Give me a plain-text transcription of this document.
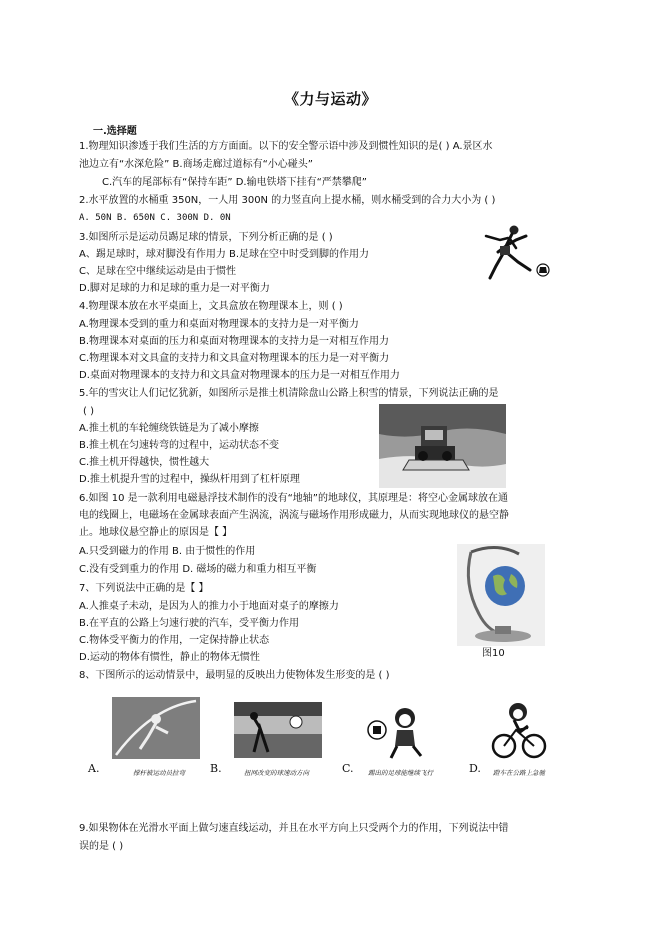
《力与运动》
一.选择题
1.物理知识渗透于我们生活的方方面面。以下的安全警示语中涉及到惯性知识的是( ) A.景区水
池边立有“水深危险” B.商场走廊过道标有“小心碰头”
C.汽车的尾部标有“保持车距” D.输电铁塔下挂有“严禁攀爬”
2.水平放置的水桶重 350N，一人用 300N 的力竖直向上提水桶，则水桶受到的合力大小为 ( )
A. 50N B. 650N C. 300N D. 0N
3.如图所示是运动员踢足球的情景，下列分析正确的是 ( )
A、踢足球时，球对脚没有作用力 B.足球在空中时受到脚的作用力
C、足球在空中继续运动是由于惯性
D.脚对足球的力和足球的重力是一对平衡力
4.物理课本放在水平桌面上，文具盒放在物理课本上，则 ( )
A.物理课本受到的重力和桌面对物理课本的支持力是一对平衡力
B.物理课本对桌面的压力和桌面对物理课本的支持力是一对相互作用力
C.物理课本对文具盒的支持力和文具盒对物理课本的压力是一对平衡力
D.桌面对物理课本的支持力和文具盒对物理课本的压力是一对相互作用力
5.年的雪灾让人们记忆犹新，如图所示是推土机清除盘山公路上积雪的情景，下列说法正确的是
( )
A.推土机的车轮缠绕铁链是为了减小摩擦
B.推土机在匀速转弯的过程中，运动状态不变
C.推土机开得越快，惯性越大
D.推土机提升雪的过程中，操纵杆用到了杠杆原理
6.如图 10 是一款利用电磁悬浮技术制作的没有“地轴”的地球仪，其原理是：将空心金属球放在通
电的线圈上，电磁场在金属球表面产生涡流，涡流与磁场作用形成磁力，从而实现地球仪的悬空静
止。地球仪悬空静止的原因是【 】
A.只受到磁力的作用 B. 由于惯性的作用
C.没有受到重力的作用 D. 磁场的磁力和重力相互平衡
图10
7、下列说法中正确的是【 】
A.人推桌子未动，是因为人的推力小于地面对桌子的摩擦力
B.在平直的公路上匀速行驶的汽车，受平衡力作用
C.物体受平衡力的作用，一定保持静止状态
D.运动的物体有惯性，静止的物体无惯性
8、下图所示的运动情景中，最明显的反映出力使物体发生形变的是 ( )
A.	撑杆被运动员拉弯 B.	扭网改变的球速动方向	C. 踢出的足球能继续飞行	D. 蹬车在公路上急驰
9.如果物体在光滑水平面上做匀速直线运动，并且在水平方向上只受两个力的作用，下列说法中错
误的是 ( )
